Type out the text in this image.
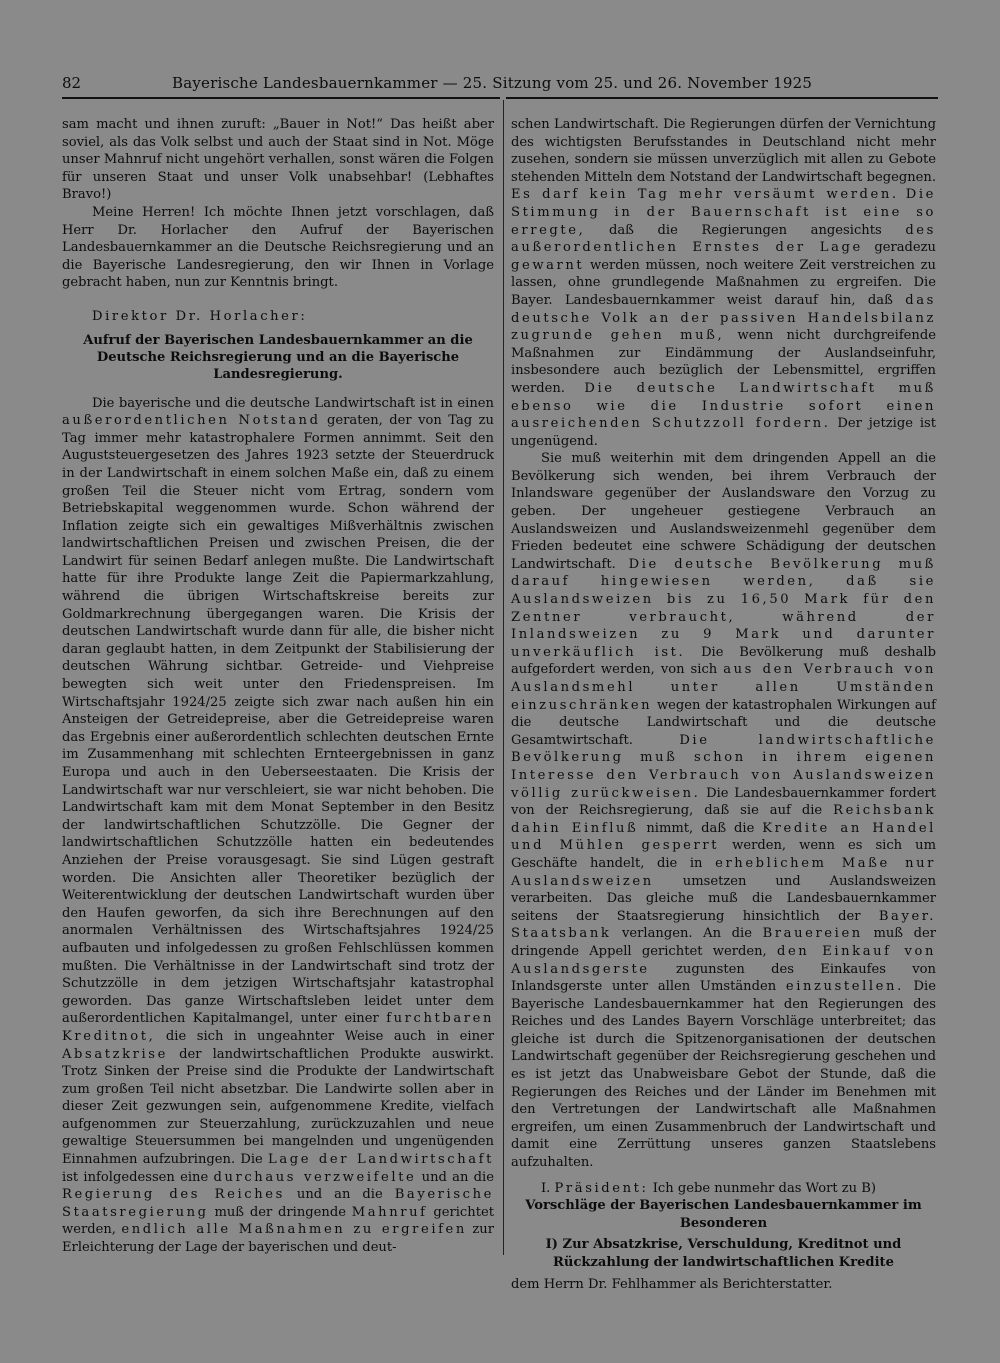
82	Bayerische Landesbauernkammer — 25. Sitzung vom 25. und 26. November 1925

sam macht und ihnen zuruft: „Bauer in Not!“ Das heißt aber soviel, als das Volk selbst und auch der Staat sind in Not. Möge unser Mahnruf nicht ungehört verhallen, sonst wären die Folgen für unseren Staat und unser Volk unabsehbar! (Lebhaftes Bravo!)

Meine Herren! Ich möchte Ihnen jetzt vorschlagen, daß Herr Dr. Horlacher den Aufruf der Bayerischen Landesbauernkammer an die Deutsche Reichsregierung und an die Bayerische Landesregierung, den wir Ihnen in Vorlage gebracht haben, nun zur Kenntnis bringt.

Direktor Dr. Horlacher:

Aufruf der Bayerischen Landesbauernkammer an die Deutsche Reichsregierung und an die Bayerische Landesregierung.

Die bayerische und die deutsche Landwirtschaft ist in einen außerordentlichen Notstand geraten, der von Tag zu Tag immer mehr katastrophalere Formen annimmt. Seit den Auguststeuergesetzen des Jahres 1923 setzte der Steuerdruck in der Landwirtschaft in einem solchen Maße ein, daß zu einem großen Teil die Steuer nicht vom Ertrag, sondern vom Betriebskapital weggenommen wurde. Schon während der Inflation zeigte sich ein gewaltiges Mißverhältnis zwischen landwirtschaftlichen Preisen und zwischen Preisen, die der Landwirt für seinen Bedarf anlegen mußte. Die Landwirtschaft hatte für ihre Produkte lange Zeit die Papiermarkzahlung, während die übrigen Wirtschaftskreise bereits zur Goldmarkrechnung übergegangen waren. Die Krisis der deutschen Landwirtschaft wurde dann für alle, die bisher nicht daran geglaubt hatten, in dem Zeitpunkt der Stabilisierung der deutschen Währung sichtbar. Getreide- und Viehpreise bewegten sich weit unter den Friedenspreisen. Im Wirtschaftsjahr 1924/25 zeigte sich zwar nach außen hin ein Ansteigen der Getreidepreise, aber die Getreidepreise waren das Ergebnis einer außerordentlich schlechten deutschen Ernte im Zusammenhang mit schlechten Ernteergebnissen in ganz Europa und auch in den Ueberseestaaten. Die Krisis der Landwirtschaft war nur verschleiert, sie war nicht behoben. Die Landwirtschaft kam mit dem Monat September in den Besitz der landwirtschaftlichen Schutzzölle. Die Gegner der landwirtschaftlichen Schutzzölle hatten ein bedeutendes Anziehen der Preise vorausgesagt. Sie sind Lügen gestraft worden. Die Ansichten aller Theoretiker bezüglich der Weiterentwicklung der deutschen Landwirtschaft wurden über den Haufen geworfen, da sich ihre Berechnungen auf den anormalen Verhältnissen des Wirtschaftsjahres 1924/25 aufbauten und infolgedessen zu großen Fehlschlüssen kommen mußten. Die Verhältnisse in der Landwirtschaft sind trotz der Schutzzölle in dem jetzigen Wirtschaftsjahr katastrophal geworden. Das ganze Wirtschaftsleben leidet unter dem außerordentlichen Kapitalmangel, unter einer furchtbaren Kreditnot, die sich in ungeahnter Weise auch in einer Absatzkrise der landwirtschaftlichen Produkte auswirkt. Trotz Sinken der Preise sind die Produkte der Landwirtschaft zum großen Teil nicht absetzbar. Die Landwirte sollen aber in dieser Zeit gezwungen sein, aufgenommene Kredite, vielfach aufgenommen zur Steuerzahlung, zurückzuzahlen und neue gewaltige Steuersummen bei mangelnden und ungenügenden Einnahmen aufzubringen. Die Lage der Landwirtschaft ist infolgedessen eine durchaus verzweifelte und an die Regierung des Reiches und an die Bayerische Staatsregierung muß der dringende Mahnruf gerichtet werden, endlich alle Maßnahmen zu ergreifen zur Erleichterung der Lage der bayerischen und deut-

schen Landwirtschaft. Die Regierungen dürfen der Vernichtung des wichtigsten Berufsstandes in Deutschland nicht mehr zusehen, sondern sie müssen unverzüglich mit allen zu Gebote stehenden Mitteln dem Notstand der Landwirtschaft begegnen. Es darf kein Tag mehr versäumt werden. Die Stimmung in der Bauernschaft ist eine so erregte, daß die Regierungen angesichts des außerordentlichen Ernstes der Lage geradezu gewarnt werden müssen, noch weitere Zeit verstreichen zu lassen, ohne grundlegende Maßnahmen zu ergreifen. Die Bayer. Landesbauernkammer weist darauf hin, daß das deutsche Volk an der passiven Handelsbilanz zugrunde gehen muß, wenn nicht durchgreifende Maßnahmen zur Eindämmung der Auslandseinfuhr, insbesondere auch bezüglich der Lebensmittel, ergriffen werden. Die deutsche Landwirtschaft muß ebenso wie die Industrie sofort einen ausreichenden Schutzzoll fordern. Der jetzige ist ungenügend.

Sie muß weiterhin mit dem dringenden Appell an die Bevölkerung sich wenden, bei ihrem Verbrauch der Inlandsware gegenüber der Auslandsware den Vorzug zu geben. Der ungeheuer gestiegene Verbrauch an Auslandsweizen und Auslandsweizenmehl gegenüber dem Frieden bedeutet eine schwere Schädigung der deutschen Landwirtschaft. Die deutsche Bevölkerung muß darauf hingewiesen werden, daß sie Auslandsweizen bis zu 16,50 Mark für den Zentner verbraucht, während der Inlandsweizen zu 9 Mark und darunter unverkäuflich ist. Die Bevölkerung muß deshalb aufgefordert werden, von sich aus den Verbrauch von Auslandsmehl unter allen Umständen einzuschränken wegen der katastrophalen Wirkungen auf die deutsche Landwirtschaft und die deutsche Gesamtwirtschaft.	Die landwirtschaftliche Bevölkerung muß schon in ihrem eigenen Interesse den Verbrauch von Auslandsweizen völlig zurückweisen. Die Landesbauernkammer fordert von der Reichsregierung, daß sie auf die Reichsbank dahin Einfluß nimmt, daß die Kredite an Handel und Mühlen gesperrt werden, wenn es sich um Geschäfte handelt, die in erheblichem Maße nur Auslandsweizen umsetzen und Auslandsweizen verarbeiten. Das gleiche muß die Landesbauernkammer seitens der Staatsregierung hinsichtlich der Bayer. Staatsbank verlangen. An die Brauereien muß der dringende Appell gerichtet werden, den Einkauf von Auslandsgerste zugunsten des Einkaufes von Inlandsgerste unter allen Umständen einzustellen. Die Bayerische Landesbauernkammer hat den Regierungen des Reiches und des Landes Bayern Vorschläge unterbreitet; das gleiche ist durch die Spitzenorganisationen der deutschen Landwirtschaft gegenüber der Reichsregierung geschehen und es ist jetzt das Unabweisbare Gebot der Stunde, daß die Regierungen des Reiches und der Länder im Benehmen mit den Vertretungen der Landwirtschaft alle Maßnahmen ergreifen, um einen Zusammenbruch der Landwirtschaft und damit eine Zerrüttung unseres ganzen Staatslebens aufzuhalten.

I. Präsident: Ich gebe nunmehr das Wort zu B)

Vorschläge der Bayerischen Landesbauernkammer im Besonderen

I) Zur Absatzkrise, Verschuldung, Kreditnot und Rückzahlung der landwirtschaftlichen Kredite

dem Herrn Dr. Fehlhammer als Berichterstatter.
